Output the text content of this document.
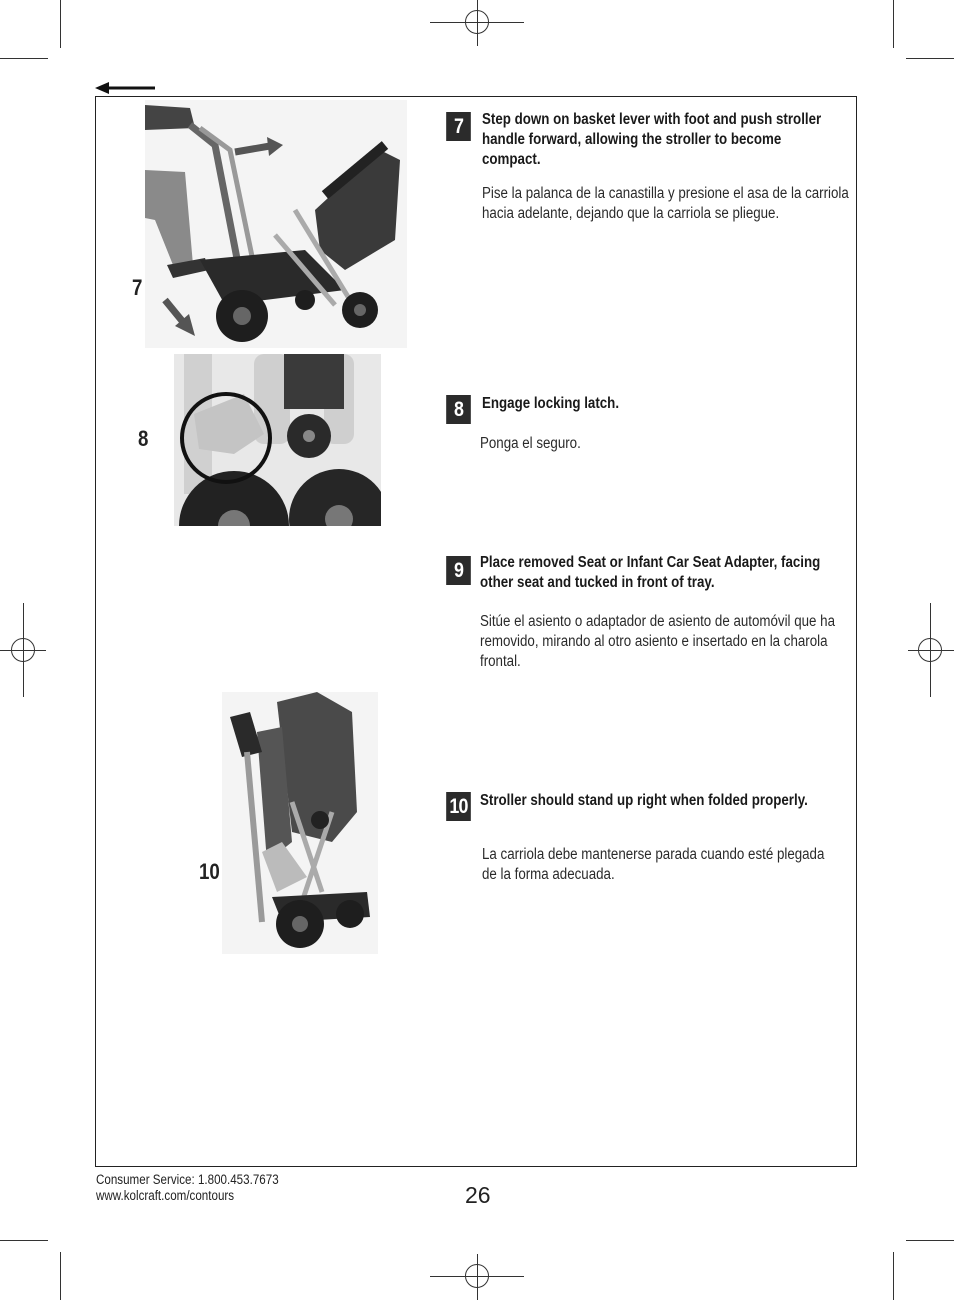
7
8
10
7	Step down on basket lever with foot and push stroller handle forward, allowing the stroller to become compact.
Pise la palanca de la canastilla y presione el asa de la carriola hacia adelante, dejando que la carriola se pliegue.
8	Engage locking latch.
Ponga el seguro.
9	Place removed Seat or Infant Car Seat Adapter, facing other seat and tucked in front of tray.
Sitúe el asiento o adaptador de asiento de automóvil que ha removido, mirando al otro asiento e insertado en la charola frontal.
10 Stroller should stand up right when folded properly.
La carriola debe mantenerse parada cuando esté plegada de la forma adecuada.
Consumer Service: 1.800.453.7673
www.kolcraft.com/contours	26
